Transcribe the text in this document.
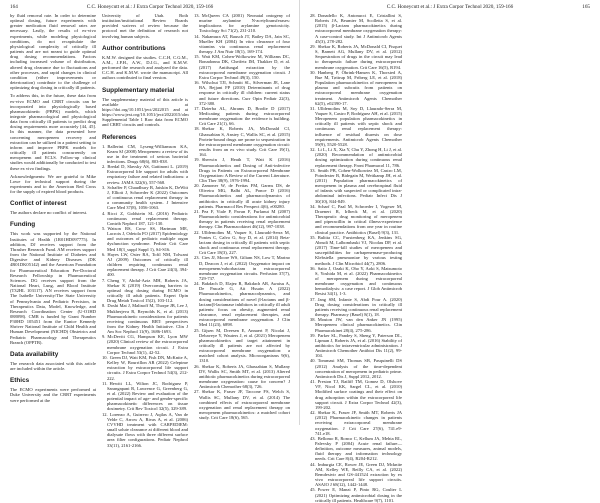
164	C.C. Honeycutt et al.: J Extra Corpor Technol 2020, 159-166

by fluid removal rate. In order to determine optimal dosing, future experiments with greater medication fluid removal rates are necessary. Lastly, the results of ex-vivo experiments, while modeling physiological conditions, do not recapitulate the physiological complexity of critically ill patients and are not meant to guide optimal drug dosing recommendations. Factors including increased volume of distribution, altered drug clearance due to fluctuations and other processes, and rapid changes in clinical condition (either improvements or deterioration) contribute to the challenge of optimizing drug dosing in critically ill patients.

To address this, in the future, these data from ex-vivo ECMO and CRRT circuits can be incorporated into physiologically based pharmacokinetic (PBPK) models, which integrate pharmacological and physiological data from critically ill patients to predict drug dosing requirements more accurately [44, 45]. In this manner, the data presented here concerning meropenem recovery and extraction can be utilized in a patient setting to inform and improve PBPK models for critically ill patients concurrently on meropenem and ECLS. Follow-up clinical studies would additionally be conducted to test these ex vivo findings.

Acknowledgments: We are grateful to Mike Lowe for technical support during the experiments and to the American Red Cross for the supply of expired blood products.

Conflict of interest

The authors declare no conflict of interest.

Funding

This work was supported by the National Institutes of Health (1R01HD097775). In addition, DJ receives support from the Thrasher Research Fund. AM receives support from the National Institute of Diabetes and Digestive and Kidney Diseases (DK 4R01DK05142) and the American Foundation for Pharmaceutical Education Pre-Doctoral Research Fellowship in Pharmaceutical Sciences. DG receives support from the National Heart, Lung, and Blood Institute (T32HL 103117). AN receives support from The Isabelle University/The State University of Pennsylvania and Pediatric Precision, in Therapeutics Data, Model, Knowledge, and Research Coordination Center (U-O1HD 088098). CMR is funded by Grant Number P30HD 105451 from the Eunice Kennedy Shriver National Institute of Child Health and Human Development (NICHD) Obstetrics and Pediatric Pharmacology and Therapeutics Branch (OPPTB).

Data availability

The research data associated with this article are included within the article.

Ethics

The ECMO experiments were performed at Duke University and the CRRT experiments were performed at the

University of Utah. Both institution/institutional Review Boards provided waivers of review because the protocol met the definition of research not involving human subjects.

Author contributions

K.M.W. designed the studies. C.C.H, C.G.M., A.M., J.P.H., A.W., D.J.G., and K.M.W. performed the research and analyzed the data. C.C.H. and K.M.W. wrote the manuscript. All authors contributed to final version.

Supplementary material

The supplementary material of this article is available at https://doi.org/10.1051/ject/2022015 and at https://www.jext.org/10.1051/ject/2022015/olm

Supplemental Table 1 Raw data from ECMO and CRRT circuits and controls.

References

1. Ballerini CM, Lyseng-Williamson KA, Keam SJ (2008) Meropenem: a review of its use in the treatment of serious bacterial infections. Drugs 68(6), 803-838.

2. Bredal D, Slavsky AS, Gattinoni L. (2019) Extracorporeal life support for adults with respiratory failure and related indications: a review. JAMA 322(6), 557-568.

3. Schaffer P, Chaudhury B, Jaiskin K, DeWitt J, Elliott J, Schroeder K (2022) Outcomes of continuous renal replacement therapy in a community health system. J Intensive Care Med 37(8), 1056-1063.

4. Ricci Z, Goldstein SL (2016) Pediatric continuous renal replacement therapy. Contrib Nephrol 187, 121-130.

5. Watson RS, Crow SS, Hartman ME, Lacroix J, Odetola FO (2017) Epidemiology and outcomes of pediatric multiple organ dysfunction syndrome. Pediatr Crit Care Med 18(3_suppl Suppl 1), S4-S16.

6. Hayes LW, Oster RA, Tofil NM, Tolwani AJ (2009) Outcomes of critically ill children requiring continuous renal replacement therapy. J Crit Care 24(3), 394-400.

7. Cheng V, Abdul-Aziz MH, Roberts JA, Shekar K (2019) Overcoming barriers to optimal drug dosing during ECMO in critically ill adult patients. Expert Opin Drug Metab Toxicol 15(2), 103-112.

8. Doshi Mat J, Malinoff M, Thorpe JB, Lee J, Mukherjeva R, Reynolds K, et al. (2013) Pharmacokinetic considerations for patients receiving continuous RRT: perspectives from the Kidney Health Initiative. Clin J Am Soc Nephrol 11(9), 1686-1693.

9. McDevitt CG, Hampson KE, Lyon MW (2020) Clinical review of the extracorporeal membrane oxygenation circuit. J Extra Corpor Technol 53(1), 42-52.

10. Green DJ, Watt KM, Fish DN, McKnite A, Kelley W, Bourrillon AR (2022) Cefepime extraction by extracorporeal life support circuits. J Extra Corpor Technol 54(3), 212-222.

11. Hewitt LL, Wilton JC, Rodriguez P, Sarangapani R, Lawrence G, Greenberg G, et al. (2022) Review and evaluation of the potential impact of age- and gender-specific pharmacokinetic differences on tissue dosimetry. Crit Rev Toxicol 32(5), 329-389.

12. Lorenzo A, Guirrero J, Aqilas A, Van de Velde C, Arrow A, Rivas A, et al. (2006) CVVHD treatment with CARPEDIEM: small solute clearance at different blood and dialysate flows with three different surface area filter configurations. Pediatr Nephrol 33(11), 2161-2166.

13. McQueen CA (2001) Neonatal ontogeny of murine arylamine N-acetyltransferases: implications for arylamine genotoxicity. Toxicology Sci 71(2), 231-210.

14. Nakamura AT, Bausch JT, Bailey DA, Jain SC, Mueller KH (2004) In vitro clearance of four vitamins via continuous renal replacement therapy. J Am Nutr 18(1), 169-174.

15. Watt KM, Cohen-Wolkowiez M, Williams DC, Bonadonna DK, Cheifetz IM, Thakker D, et al. (2017) Antifungal extraction by the extracorporeal membrane oxygenation circuit. J Extra Corpor Technol 49(3), 150.

16. Wilschut TJI, Schmitt SL, Silverman JE, Lane BA, Bejjani FP (2010) Determinants of drug response in critically ill children: current status and future directions. Curr Opin Pediatr 22(3), 372-380.

17. Dzierba AL, Abrams D, Brodie D (2017) Medicating patients during extracorporeal membrane oxygenation: the evidence is building. Crit Care 21(1), 66.

18. Shekar K, Roberts JA, McDonald CI, Ghassabian S, Anstey C, Wallis SC, et al. (2015) Protein-bound drugs are prone to sequestration in the extracorporeal membrane oxygenation circuit: results from an ex vivo study. Crit Care 19(1), 164.

19. Sherwin J, Heath T, Watt K (2016) Pharmacokinetics and Dosing of Anti-infective Drugs in Patients on Extracorporeal Membrane Oxygenation: A Review of the Current Literature. Clin Ther 38(9), 1976-1994.

20. Zamoner W, de Freitas FM, Garms DS, de Oliveira MG, Balbi AL, Ponce D (2016) Pharmacokinetics and pharmacodynamics of antibiotics in critically ill acute kidney injury patients. Pharmacol Res Perspect 4(6), e00280.

21. Pea F, Viale P, Pavan F, Furlanut M (2007) Pharmacokinetic considerations for antimicrobial therapy in patients receiving renal replacement therapy. Clin Pharmacokinet 46(12), 997-1038.

22. Ulldemolins M, Vaquer S, Llauradó-Serra M, Pontes C, Calvo G, Soy D, et al. (2014) Beta-lactam dosing in critically ill patients with septic shock and continuous renal replacement therapy. Crit Care 18(3), 227.

23. Cies JJ, Moore WS, Giliam NS, Low T, Marino D, Deacon J, et al. (2022) Oxygenator impact on meropenem/vaborbactam in extracorporeal membrane oxygenation circuits. Perfusion 37(7), 729-737.

24. Bakdach D, Elajez R, Bakdach AR, Awaisu A, De Pascale G, Ait Hssain A (2022) Pharmacokinetics, pharmacodynamics, and dosing considerations of novel β-lactams and β-lactam/β-lactamase inhibitors in critically ill adult patients: focus on obesity, augmented renal clearance, renal replacement therapies, and extracorporeal membrane oxygenation. J Clin Med 11(23), 6898.

25. Gijsen M, Dreesen E, Annaert P, Nicolai J, Debaveye Y, Wauters J, et al. (2021) Meropenem pharmacokinetics and target attainment in critically ill patients are not affected by extracorporeal membrane oxygenation: a matched cohort analysis. Microorganisms 9(6), 1310.

26. Shekar K, Roberts JA, Ghassabian S, Mullany DV, Wallis SC, Smith MT, et al. (2013) Altered antibiotic pharmacokinetics during extracorporeal membrane oxygenation: cause for concern? J Antimicrob Chemother 68(3), 726.

27. Shekar K, Fraser JF, Taccone FS, Welch S, Wallis SC, Mullany DV, et al. (2014) The combined effects of extracorporeal membrane oxygenation and renal replacement therapy on meropenem pharmacokinetics: a matched cohort study. Crit Care 18(6), 565.

C.C. Honeycutt et al.: J Extra Corpor Technol 2020, 159-166	165

28. Donadello K, Antonucci E, Cristallini S, Roberts JA, Beumier M, Scolletta S, et al. (2015) β-Lactam pharmacokinetics during extracorporeal membrane oxygenation therapy: A case-control study. Int J Antimicrob Agents 45(3), 278-282.

29. Shekar K, Roberts JA, McDonald CI, Fisquet S, Barnett AG, Mullany DV, et al. (2012) Sequestration of drugs in the circuit may lead to therapeutic failure during extracorporeal membrane oxygenation. Crit Care 16(5), R194.

30. Hanberg P, Öbrink-Hansen K, Thorsted A, Bue M, Tøttrup M, Friberg LE, et al. (2018) Population pharmacokinetics of meropenem in plasma and subcutis from patients on extracorporeal membrane oxygenation treatment. Antimicrob Agents Chemother 62(5), e02390-17.

31. Ulldemolins M, Soy D, Llaurado-Serra M, Vaquer S, Castro P, Rodríguez AH, et al. (2015) Meropenem population pharmacokinetics in critically ill patients with septic shock and continuous renal replacement therapy: influence of residual diuresis on dose requirements. Antimicrob Agents Chemother 59(9), 5520-5528.

32. Li L, Li X, Xia Y, Chu Y, Zhong H, Li J, et al. (2020) Recommendation of antimicrobial dosing optimization during continuous renal replacement therapy. Front Pharmacol 11, 786.

33. Smith PB, Cohen-Wolkowiez M, Castro LM, Poindexter B, Bidegain M, Weitkamp JH, et al. (2011) Population pharmacokinetics of meropenem in plasma and cerebrospinal fluid of infants with suspected or complicated intra-abdominal infections. Pediatr Infect Dis J 30(10), 844-849.

34. Scharf C, Paal M, Schroeder I, Vogeser M, Draenert R, Irlbeck M, et al. (2020) Therapeutic drug monitoring of meropenem and piperacillin in critical illness-experience and recommendations from one year in routine clinical practice. Antibiotics (Basel) 9(3), 131.

35. Bulitta CC, Furstenberg KA, Jenkins SG, Abrudi M, Lalbombaski VJ, Nicolau DP, et al. (2017) Time-kill studies of meropenem and susceptibilities for carbapenemase-producing Klebsiella pneumoniae by various testing methods. J Clin Microbiol 44(7), 2806.

36. Saito J, Ozaki K, Oho Y, Aoki S, Matsumoto S, Yoshida M, et al. (2022) Pharmacokinetics of meropenem during extracorporeal membrane oxygenation and continuous hemodialysis: a case report. J Glob Antimicrob Resist 34(1), 1-3.

37. Jang SM, Infante S, Abdi Pour A. (2020) Drug dosing considerations in critically ill patients receiving continuous renal replacement therapy. Pharmacy (Basel) 8(1), 18.

38. Mouton JW, van den Anker JN (1995) Meropenem clinical pharmacokinetics. Clin Pharmacokinet 28(4), 275-286.

39. Parker SL, Pandey S, Sheng Y, Paterson DL, Lipman J, Roberts JA, et al. (2016) Stability of antibiotics for intraventricular administration. J Antimicrob Chemother Antibiot Dis 11(2), 99-104.

40. Tommasi SM, Thomas SB, Pasquinelli DS (2012) Analysis of the time-dependent concentration of meropenem in pediatric prime. Antimicrob Dis J, Suppl 2012, 2012.

41. Preston TJ, Ratliff TM, Gomez D, Olshove VF, Nicol KK, Sargel CL, et al. (2010) Modified surface coatings and their effect on drug adsorption within the extracorporeal life support circuit. J Extra Corpor Technol 42(3), 199-202.

42. Shekar K, Fraser JF, Smith MT, Roberts JA (2012) Pharmacokinetic changes in patients receiving extracorporeal membrane oxygenation. J Crit Care 27(6), 741.e9-741.e18.

43. Bellomo R, Ronco C, Kellum JA, Mehta RL, Palevsky P (2004) Acute renal failure—definition, outcome measures, animal models, fluid therapy and information technology needs. Crit Care 8(4), R204-R212.

44. Imburgia CE, Rower JE, Green DJ, Mcknite AM, Kelley WE, Reilly CA, et al. (2022) Remdesivir and GS-441524 extraction by ex vivo extracorporeal life support circuits. ASAIO J 68(12), 1442-1448.

45. Power E, Manzi P, Pinto RG, Coulter L (2021) Optimizing antimicrobial dosing in the critically ill patients. Healthcare 9(7), 1101.
